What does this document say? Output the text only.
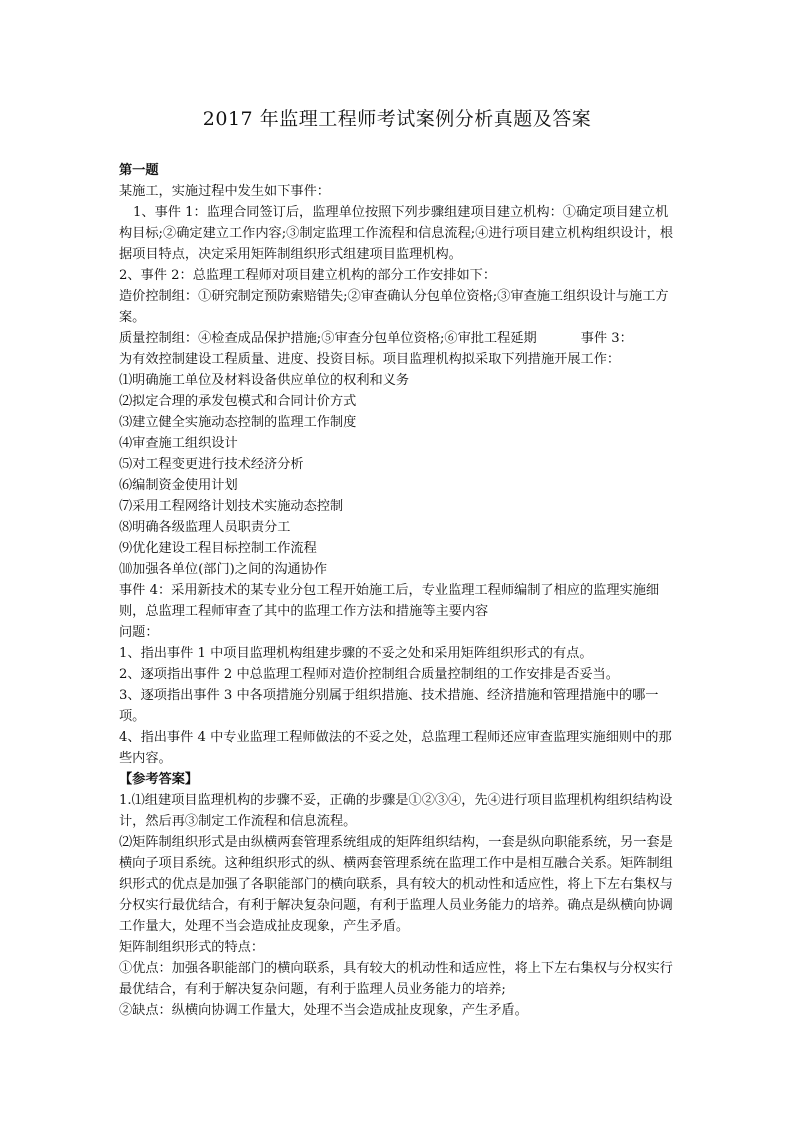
2017 年监理工程师考试案例分析真题及答案

第一题

某施工，实施过程中发生如下事件：

1、事件 1：监理合同签订后，监理单位按照下列步骤组建项目建立机构：①确定项目建立机构目标;②确定建立工作内容;③制定监理工作流程和信息流程;④进行项目建立机构组织设计，根据项目特点，决定采用矩阵制组织形式组建项目监理机构。

2、事件 2：总监理工程师对项目建立机构的部分工作安排如下：

造价控制组：①研究制定预防索赔错失;②审查确认分包单位资格;③审查施工组织设计与施工方案。

质量控制组：④检查成品保护措施;⑤审查分包单位资格;⑥审批工程延期	事件 3：

为有效控制建设工程质量、进度、投资目标。项目监理机构拟采取下列措施开展工作：

⑴明确施工单位及材料设备供应单位的权利和义务

⑵拟定合理的承发包模式和合同计价方式

⑶建立健全实施动态控制的监理工作制度

⑷审查施工组织设计

⑸对工程变更进行技术经济分析

⑹编制资金使用计划

⑺采用工程网络计划技术实施动态控制

⑻明确各级监理人员职责分工

⑼优化建设工程目标控制工作流程

⑽加强各单位(部门)之间的沟通协作

事件 4：采用新技术的某专业分包工程开始施工后，专业监理工程师编制了相应的监理实施细则，总监理工程师审查了其中的监理工作方法和措施等主要内容

问题：

1、指出事件 1 中项目监理机构组建步骤的不妥之处和采用矩阵组织形式的有点。

2、逐项指出事件 2 中总监理工程师对造价控制组合质量控制组的工作安排是否妥当。

3、逐项指出事件 3 中各项措施分别属于组织措施、技术措施、经济措施和管理措施中的哪一项。

4、指出事件 4 中专业监理工程师做法的不妥之处，总监理工程师还应审查监理实施细则中的那些内容。

【参考答案】

1.⑴组建项目监理机构的步骤不妥，正确的步骤是①②③④，先④进行项目监理机构组织结构设计，然后再③制定工作流程和信息流程。

⑵矩阵制组织形式是由纵横两套管理系统组成的矩阵组织结构，一套是纵向职能系统，另一套是横向子项目系统。这种组织形式的纵、横两套管理系统在监理工作中是相互融合关系。矩阵制组织形式的优点是加强了各职能部门的横向联系，具有较大的机动性和适应性，将上下左右集权与分权实行最优结合，有利于解决复杂问题，有利于监理人员业务能力的培养。确点是纵横向协调工作量大，处理不当会造成扯皮现象，产生矛盾。

矩阵制组织形式的特点：

①优点：加强各职能部门的横向联系，具有较大的机动性和适应性，将上下左右集权与分权实行最优结合，有利于解决复杂问题，有利于监理人员业务能力的培养;

②缺点：纵横向协调工作量大，处理不当会造成扯皮现象，产生矛盾。
